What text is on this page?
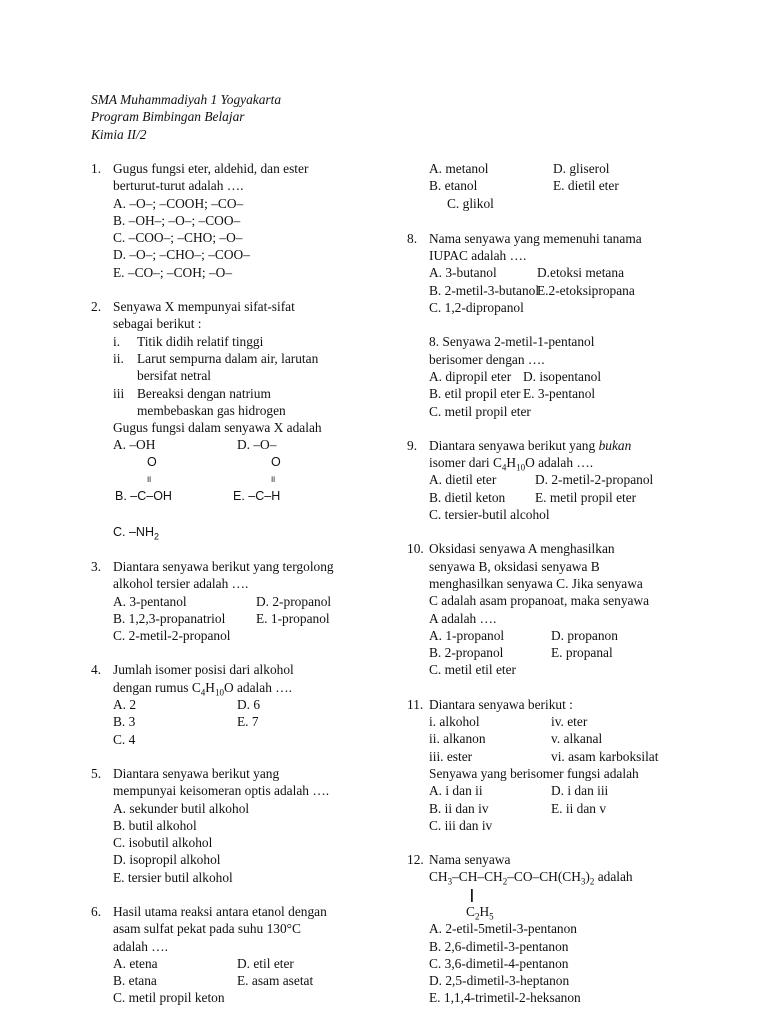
SMA Muhammadiyah 1 Yogyakarta
Program Bimbingan Belajar
Kimia II/2
1. Gugus fungsi eter, aldehid, dan ester berturut-turut adalah ….
A. –O–; –COOH; –CO–
B. –OH–; –O–; –COO–
C. –COO–; –CHO; –O–
D. –O–; –CHO–; –COO–
E. –CO–; –COH; –O–
2. Senyawa X mempunyai sifat-sifat
sebagai berikut :
i. Titik didih relatif tinggi
ii. Larut sempurna dalam air, larutan
bersifat netral
iii Bereaksi dengan natrium
membebaskan gas hidrogen
Gugus fungsi dalam senyawa X adalah
A. –OH	D. –O–
O	O
॥	॥
B. –C–OH	E. –C–H
C. $-NH_2$
3. Diantara senyawa berikut yang tergolong
alkohol tersier adalah ….
A. 3-pentanol	D. 2-propanol
B. 1,2,3-propanatriol E. 1-propanol
C. 2-metil-2-propanol
4. Jumlah isomer posisi dari alkohol
dengan rumus $C_4H_{10}O$ adalah ….
A. 2	D. 6
B. 3	E. 7
C. 4
5. Diantara senyawa berikut yang
mempunyai keisomeran optis adalah ….
A. sekunder butil alkohol
B. butil alkohol
C. isobutil alkohol
D. isopropil alkohol
E. tersier butil alkohol
6. Hasil utama reaksi antara etanol dengan
asam sulfat pekat pada suhu 130°C
adalah ….
A. etena	D. etil eter
B. etana	E. asam asetat
C. metil propil keton
A. metanol	D. gliserol
B. etanol	E. dietil eter
C. glikol
8. Nama senyawa yang memenuhi tanama
IUPAC adalah ….
A. 3-butanol	D.etoksi metana
B. 2-metil-3-butanol
E.2-etoksipropana
C. 1,2-dipropanol
8. Senyawa 2-metil-1-pentanol
berisomer dengan ….
A. dipropil eter D. isopentanol
B. etil propil eter E. 3-pentanol
C. metil propil eter
9. Diantara senyawa berikut yang bukan
isomer dari $C_4H_{10}O$ adalah ….
A. dietil eter	D. 2-metil-2-propanol
B. dietil keton E. metil propil eter
C. tersier-butil alcohol
10. Oksidasi senyawa A menghasilkan
senyawa B, oksidasi senyawa B
menghasilkan senyawa C. Jika senyawa
C adalah asam propanoat, maka senyawa
A adalah ….
A. 1-propanol	D. propanon
B. 2-propanol	E. propanal
C. metil etil eter
11. Diantara senyawa berikut :
i. alkohol	iv. eter
ii. alkanon	v. alkanal
iii. ester	vi. asam karboksilat
Senyawa yang berisomer fungsi adalah
A. i dan ii	D. i dan iii
B. ii dan iv	E. ii dan v
C. iii dan iv
12. Nama senyawa
$CH_3-CH-CH_2-CO-CH(CH_3)_2$ adalah
|
$C_2H_5$
A. 2-etil-5metil-3-pentanon
B. 2,6-dimetil-3-pentanon
C. 3,6-dimetil-4-pentanon
D. 2,5-dimetil-3-heptanon
E. 1,1,4-trimetil-2-heksanon
